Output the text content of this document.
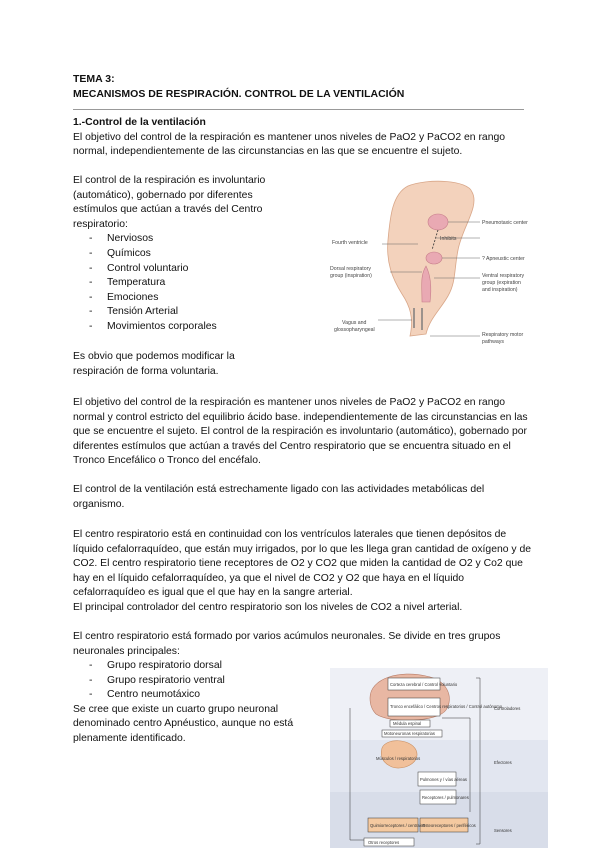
TEMA 3:
MECANISMOS DE RESPIRACIÓN. CONTROL DE LA VENTILACIÓN
1.-Control de la ventilación
El objetivo del control de la respiración es mantener unos niveles de PaO2 y PaCO2 en rango normal, independientemente de las circunstancias en las que se encuentre el sujeto.
El control de la respiración es involuntario (automático), gobernado por diferentes estímulos que actúan a través del Centro respiratorio:
- Nerviosos
- Químicos
- Control voluntario
- Temperatura
- Emociones
- Tensión Arterial
- Movimientos corporales
Es obvio que podemos modificar la respiración de forma voluntaria.
Pneumotaxic center
Inhibits
Fourth ventricle
? Apneustic center
Dorsal respiratory
group (inspiration)	Ventral respiratory
group (expiration
and inspiration)
Vagus and
glossopharyngeal
Respiratory motor
pathways
El objetivo del control de la respiración es mantener unos niveles de PaO2 y PaCO2 en rango normal y control estricto del equilibrio ácido base. independientemente de las circunstancias en las que se encuentre el sujeto. El control de la respiración es involuntario (automático), gobernado por diferentes estímulos que actúan a través del Centro respiratorio que se encuentra situado en el Tronco Encefálico o Tronco del encéfalo.
El control de la ventilación está estrechamente ligado con las actividades metabólicas del organismo.
El centro respiratorio está en continuidad con los ventrículos laterales que tienen depósitos de líquido cefalorraquídeo, que están muy irrigados, por lo que les llega gran cantidad de oxígeno y de CO2. El centro respiratorio tiene receptores de O2 y CO2 que miden la cantidad de O2 y Co2 que hay en el líquido cefalorraquídeo, ya que el nivel de CO2 y O2 que haya en el líquido cefalorraquídeo es igual que el que hay en la sangre arterial.
El principal controlador del centro respiratorio son los niveles de CO2 a nivel arterial.
El centro respiratorio está formado por varios acúmulos neuronales. Se divide en tres grupos neuronales principales:
- Grupo respiratorio dorsal
- Grupo respiratorio ventral
- Centro neumotáxico
Se cree que existe un cuarto grupo neuronal denominado centro Apnéustico, aunque no está plenamente identificado.
Corteza cerebral / Control voluntario
Tronco encefálico / Centros respiratorios / Control autónomo
Médula espinal
Motoneuronas respiratorias
Músculos / respiratorios
Pulmones y / vías aéreas
Receptores / pulmonares
Quimiorreceptores / centrales
Osteoreceptores / periféricos
Otros receptores
Controladores
Efectores
Sensores
